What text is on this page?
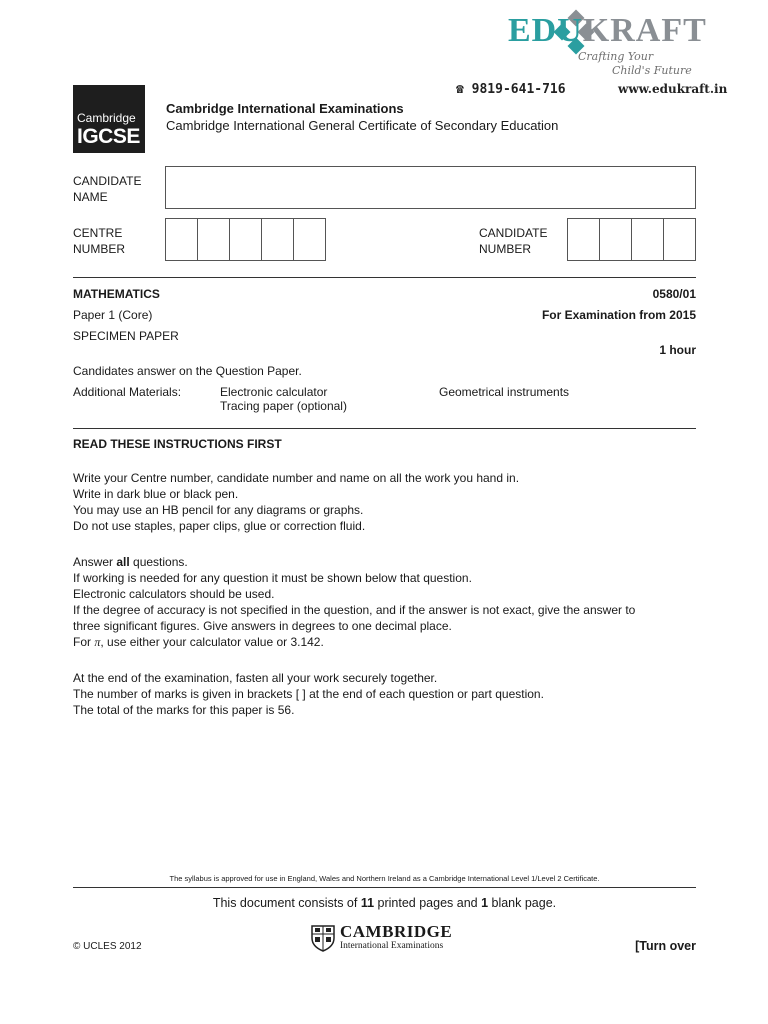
EDUKRAFT
Crafting Your
Child's Future
☎ 9819-641-716	www.edukraft.in
Cambridge
IGCSE
Cambridge International Examinations
Cambridge International General Certificate of Secondary Education
CANDIDATE
NAME
CENTRE
NUMBER
CANDIDATE
NUMBER
MATHEMATICS	0580/01
Paper 1 (Core)	For Examination from 2015
SPECIMEN PAPER
1 hour
Candidates answer on the Question Paper.
Additional Materials:	Electronic calculator
Tracing paper (optional)
Geometrical instruments
READ THESE INSTRUCTIONS FIRST
Write your Centre number, candidate number and name on all the work you hand in.
Write in dark blue or black pen.
You may use an HB pencil for any diagrams or graphs.
Do not use staples, paper clips, glue or correction fluid.
Answer all questions.
If working is needed for any question it must be shown below that question.
Electronic calculators should be used.
If the degree of accuracy is not specified in the question, and if the answer is not exact, give the answer to
three significant figures. Give answers in degrees to one decimal place.
For π, use either your calculator value or 3.142.
At the end of the examination, fasten all your work securely together.
The number of marks is given in brackets [ ] at the end of each question or part question.
The total of the marks for this paper is 56.
The syllabus is approved for use in England, Wales and Northern Ireland as a Cambridge International Level 1/Level 2 Certificate.
This document consists of 11 printed pages and 1 blank page.
© UCLES 2012
CAMBRIDGE
International Examinations	[Turn over
